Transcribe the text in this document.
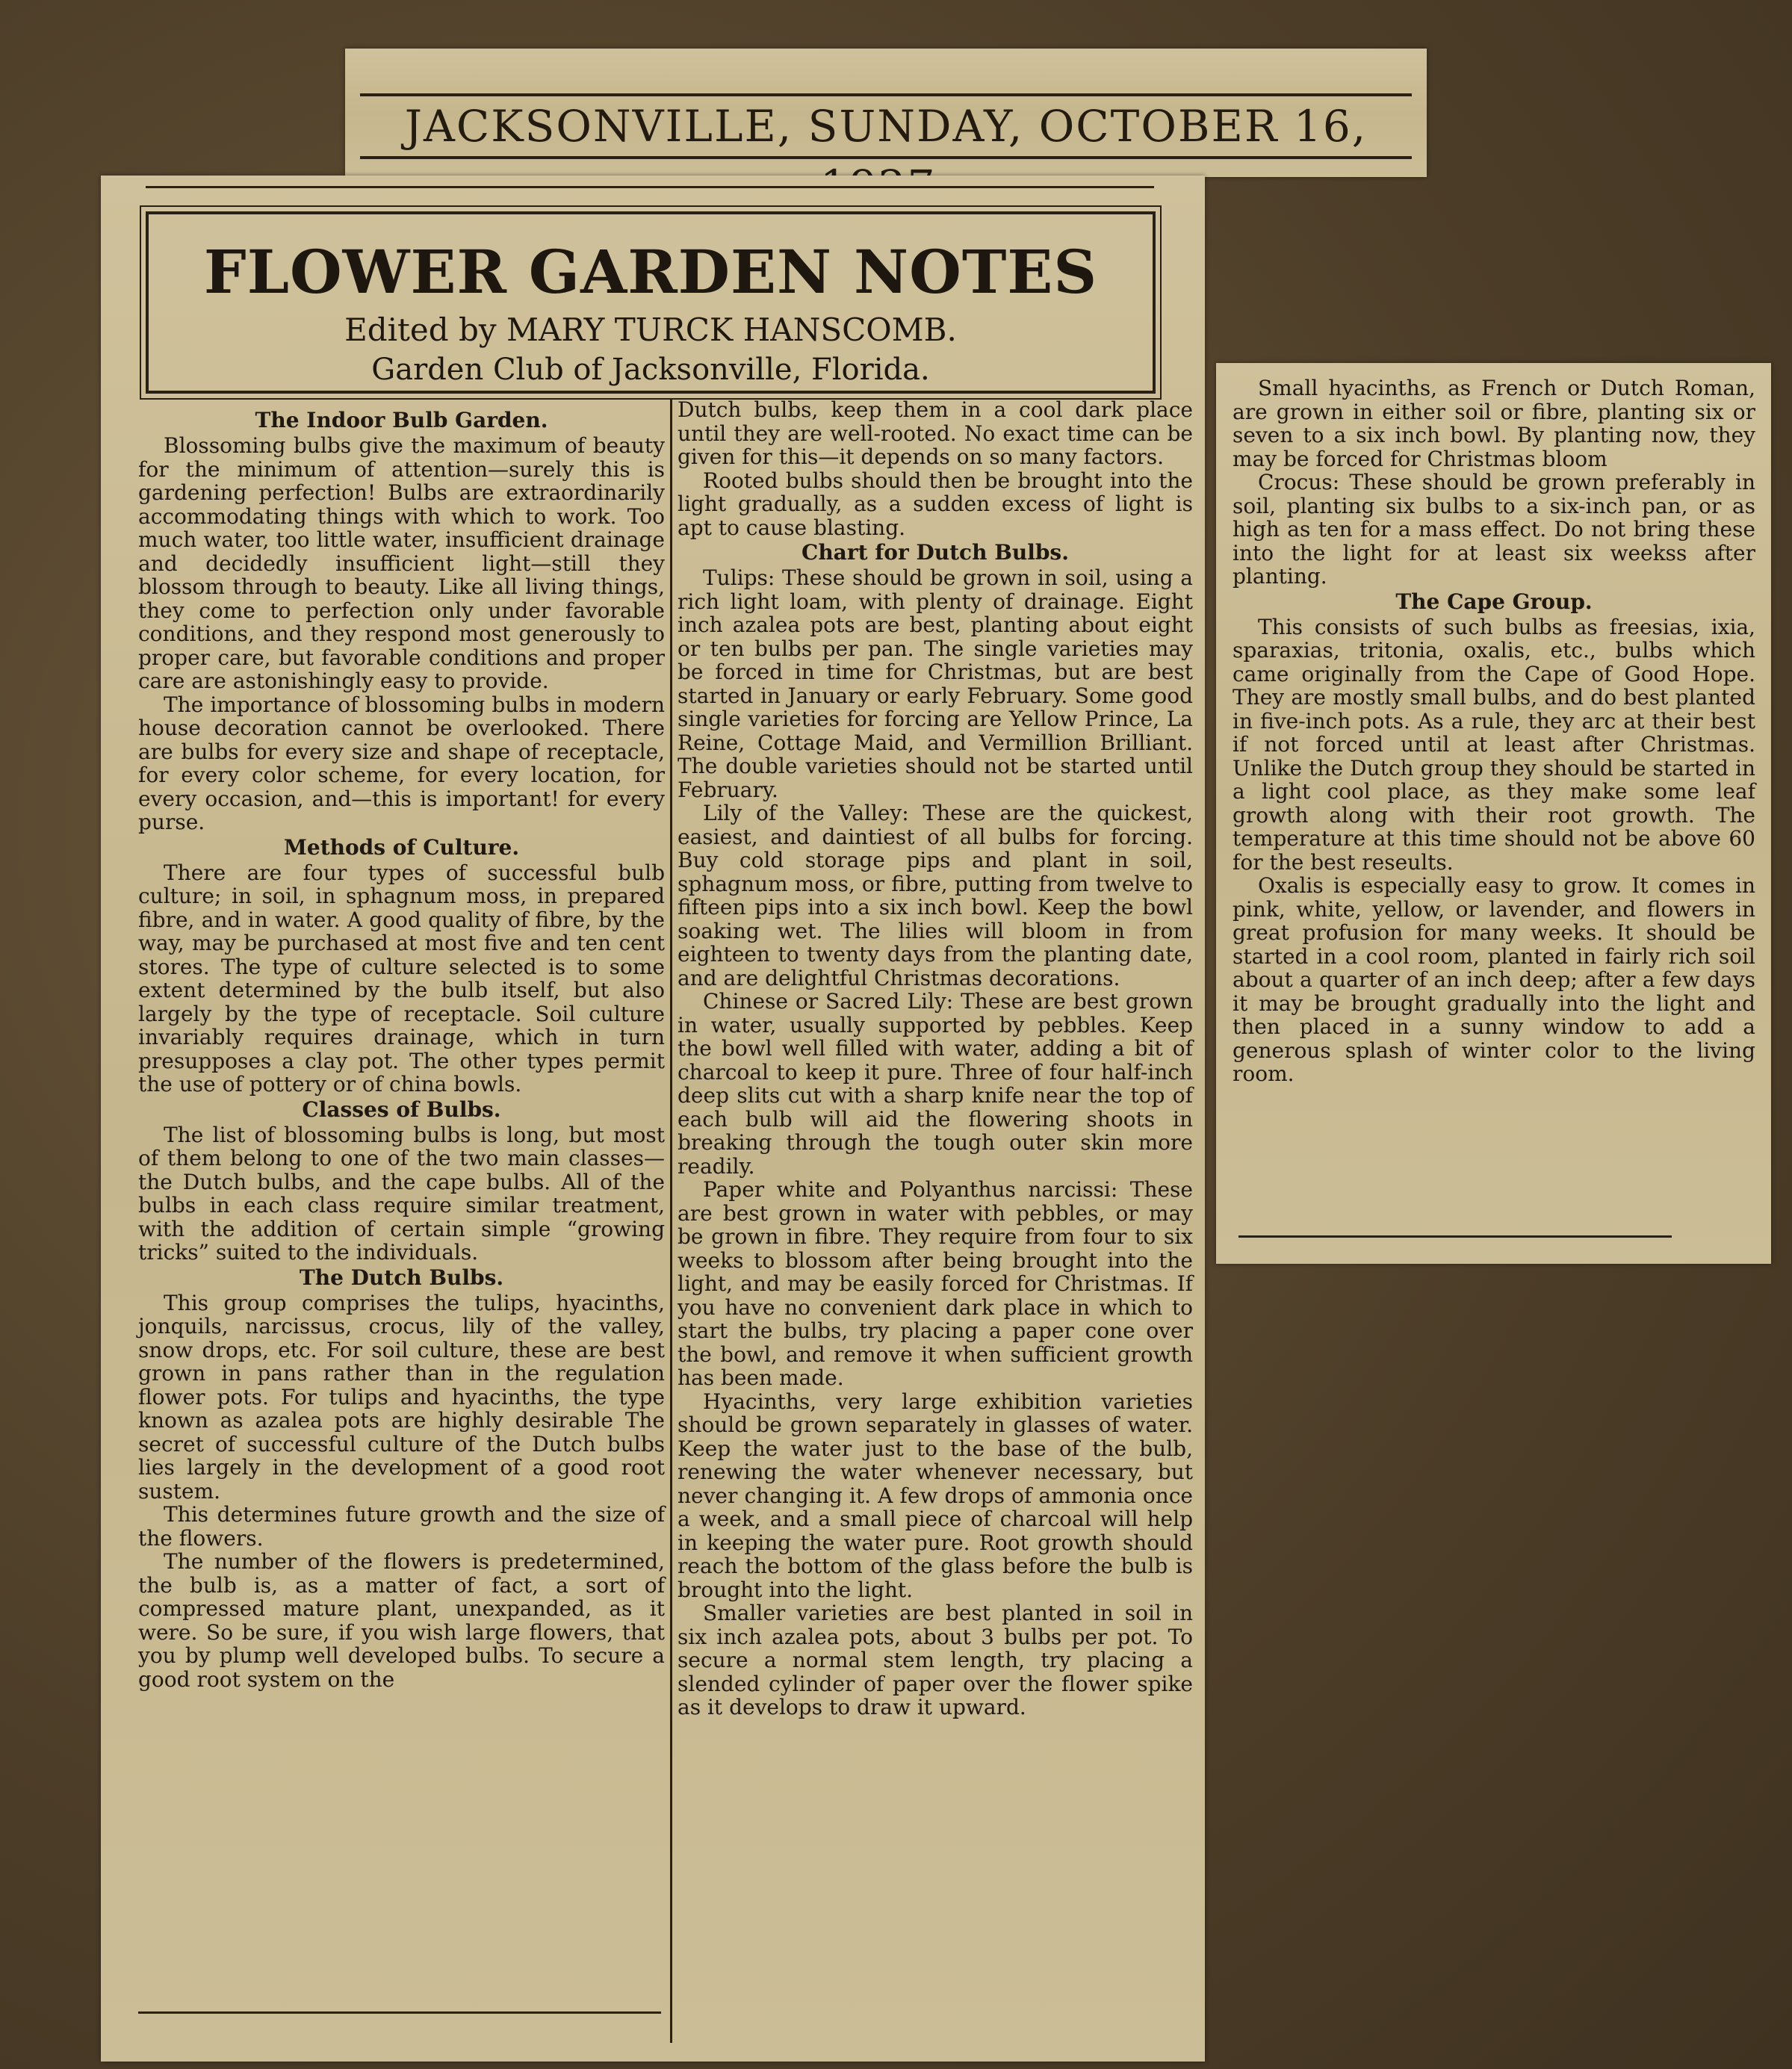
JACKSONVILLE, SUNDAY, OCTOBER 16,
FLOWER GARDEN NOTES
Edited by MARY TURCK HANSCOMB.
Garden Club of Jacksonville, Florida.
The Indoor Bulb Garden.

Blossoming bulbs give the maximum of beauty for the minimum of attention—surely this is gardening perfection! Bulbs are extraordinarily accommodating things with which to work. Too much water, too little water, insufficient drainage and decidedly insufficient light—still they blossom through to beauty. Like all living things, they come to perfection only under favorable conditions, and they respond most generously to proper care, but favorable conditions and proper care are astonishingly easy to provide.

The importance of blossoming bulbs in modern house decoration cannot be overlooked. There are bulbs for every size and shape of receptacle, for every color scheme, for every location, for every occasion, and—this is important! for every purse.

Methods of Culture.

There are four types of successful bulb culture; in soil, in sphagnum moss, in prepared fibre, and in water. A good quality of fibre, by the way, may be purchased at most five and ten cent stores. The type of culture selected is to some extent determined by the bulb itself, but also largely by the type of receptacle. Soil culture invariably requires drainage, which in turn presupposes a clay pot. The other types permit the use of pottery or of china bowls.

Classes of Bulbs.

The list of blossoming bulbs is long, but most of them belong to one of the two main classes—the Dutch bulbs, and the cape bulbs. All of the bulbs in each class require similar treatment, with the addition of certain simple “growing tricks” suited to the individuals.

The Dutch Bulbs.

This group comprises the tulips, hyacinths, jonquils, narcissus, crocus, lily of the valley, snow drops, etc. For soil culture, these are best grown in pans rather than in the regulation flower pots. For tulips and hyacinths, the type known as azalea pots are highly desirable The secret of successful culture of the Dutch bulbs lies largely in the development of a good root sustem.

This determines future growth and the size of the flowers.

The number of the flowers is predetermined, the bulb is, as a matter of fact, a sort of compressed mature plant, unexpanded, as it were. So be sure, if you wish large flowers, that you by plump well developed bulbs. To secure a good root system on the

Dutch bulbs, keep them in a cool dark place until they are well-rooted. No exact time can be given for this—it depends on so many factors.

Rooted bulbs should then be brought into the light gradually, as a sudden excess of light is apt to cause blasting.

Chart for Dutch Bulbs.

Tulips: These should be grown in soil, using a rich light loam, with plenty of drainage. Eight inch azalea pots are best, planting about eight or ten bulbs per pan. The single varieties may be forced in time for Christmas, but are best started in January or early February. Some good single varieties for forcing are Yellow Prince, La Reine, Cottage Maid, and Vermillion Brilliant. The double varieties should not be started until February.

Lily of the Valley: These are the quickest, easiest, and daintiest of all bulbs for forcing. Buy cold storage pips and plant in soil, sphagnum moss, or fibre, putting from twelve to fifteen pips into a six inch bowl. Keep the bowl soaking wet. The lilies will bloom in from eighteen to twenty days from the planting date, and are delightful Christmas decorations.

Chinese or Sacred Lily: These are best grown in water, usually supported by pebbles. Keep the bowl well filled with water, adding a bit of charcoal to keep it pure. Three of four half-inch deep slits cut with a sharp knife near the top of each bulb will aid the flowering shoots in breaking through the tough outer skin more readily.

Paper white and Polyanthus narcissi: These are best grown in water with pebbles, or may be grown in fibre. They require from four to six weeks to blossom after being brought into the light, and may be easily forced for Christmas. If you have no convenient dark place in which to start the bulbs, try placing a paper cone over the bowl, and remove it when sufficient growth has been made.

Hyacinths, very large exhibition varieties should be grown separately in glasses of water. Keep the water just to the base of the bulb, renewing the water whenever necessary, but never changing it. A few drops of ammonia once a week, and a small piece of charcoal will help in keeping the water pure. Root growth should reach the bottom of the glass before the bulb is brought into the light.

Smaller varieties are best planted in soil in six inch azalea pots, about 3 bulbs per pot. To secure a normal stem length, try placing a slended cylinder of paper over the flower spike as it develops to draw it upward.

Small hyacinths, as French or Dutch Roman, are grown in either soil or fibre, planting six or seven to a six inch bowl. By planting now, they may be forced for Christmas bloom

Crocus: These should be grown preferably in soil, planting six bulbs to a six-inch pan, or as high as ten for a mass effect. Do not bring these into the light for at least six weekss after planting.

The Cape Group.

This consists of such bulbs as freesias, ixia, sparaxias, tritonia, oxalis, etc., bulbs which came originally from the Cape of Good Hope. They are mostly small bulbs, and do best planted in five-inch pots. As a rule, they arc at their best if not forced until at least after Christmas. Unlike the Dutch group they should be started in a light cool place, as they make some leaf growth along with their root growth. The temperature at this time should not be above 60 for the best reseults.

Oxalis is especially easy to grow. It comes in pink, white, yellow, or lavender, and flowers in great profusion for many weeks. It should be started in a cool room, planted in fairly rich soil about a quarter of an inch deep; after a few days it may be brought gradually into the light and then placed in a sunny window to add a generous splash of winter color to the living room.
